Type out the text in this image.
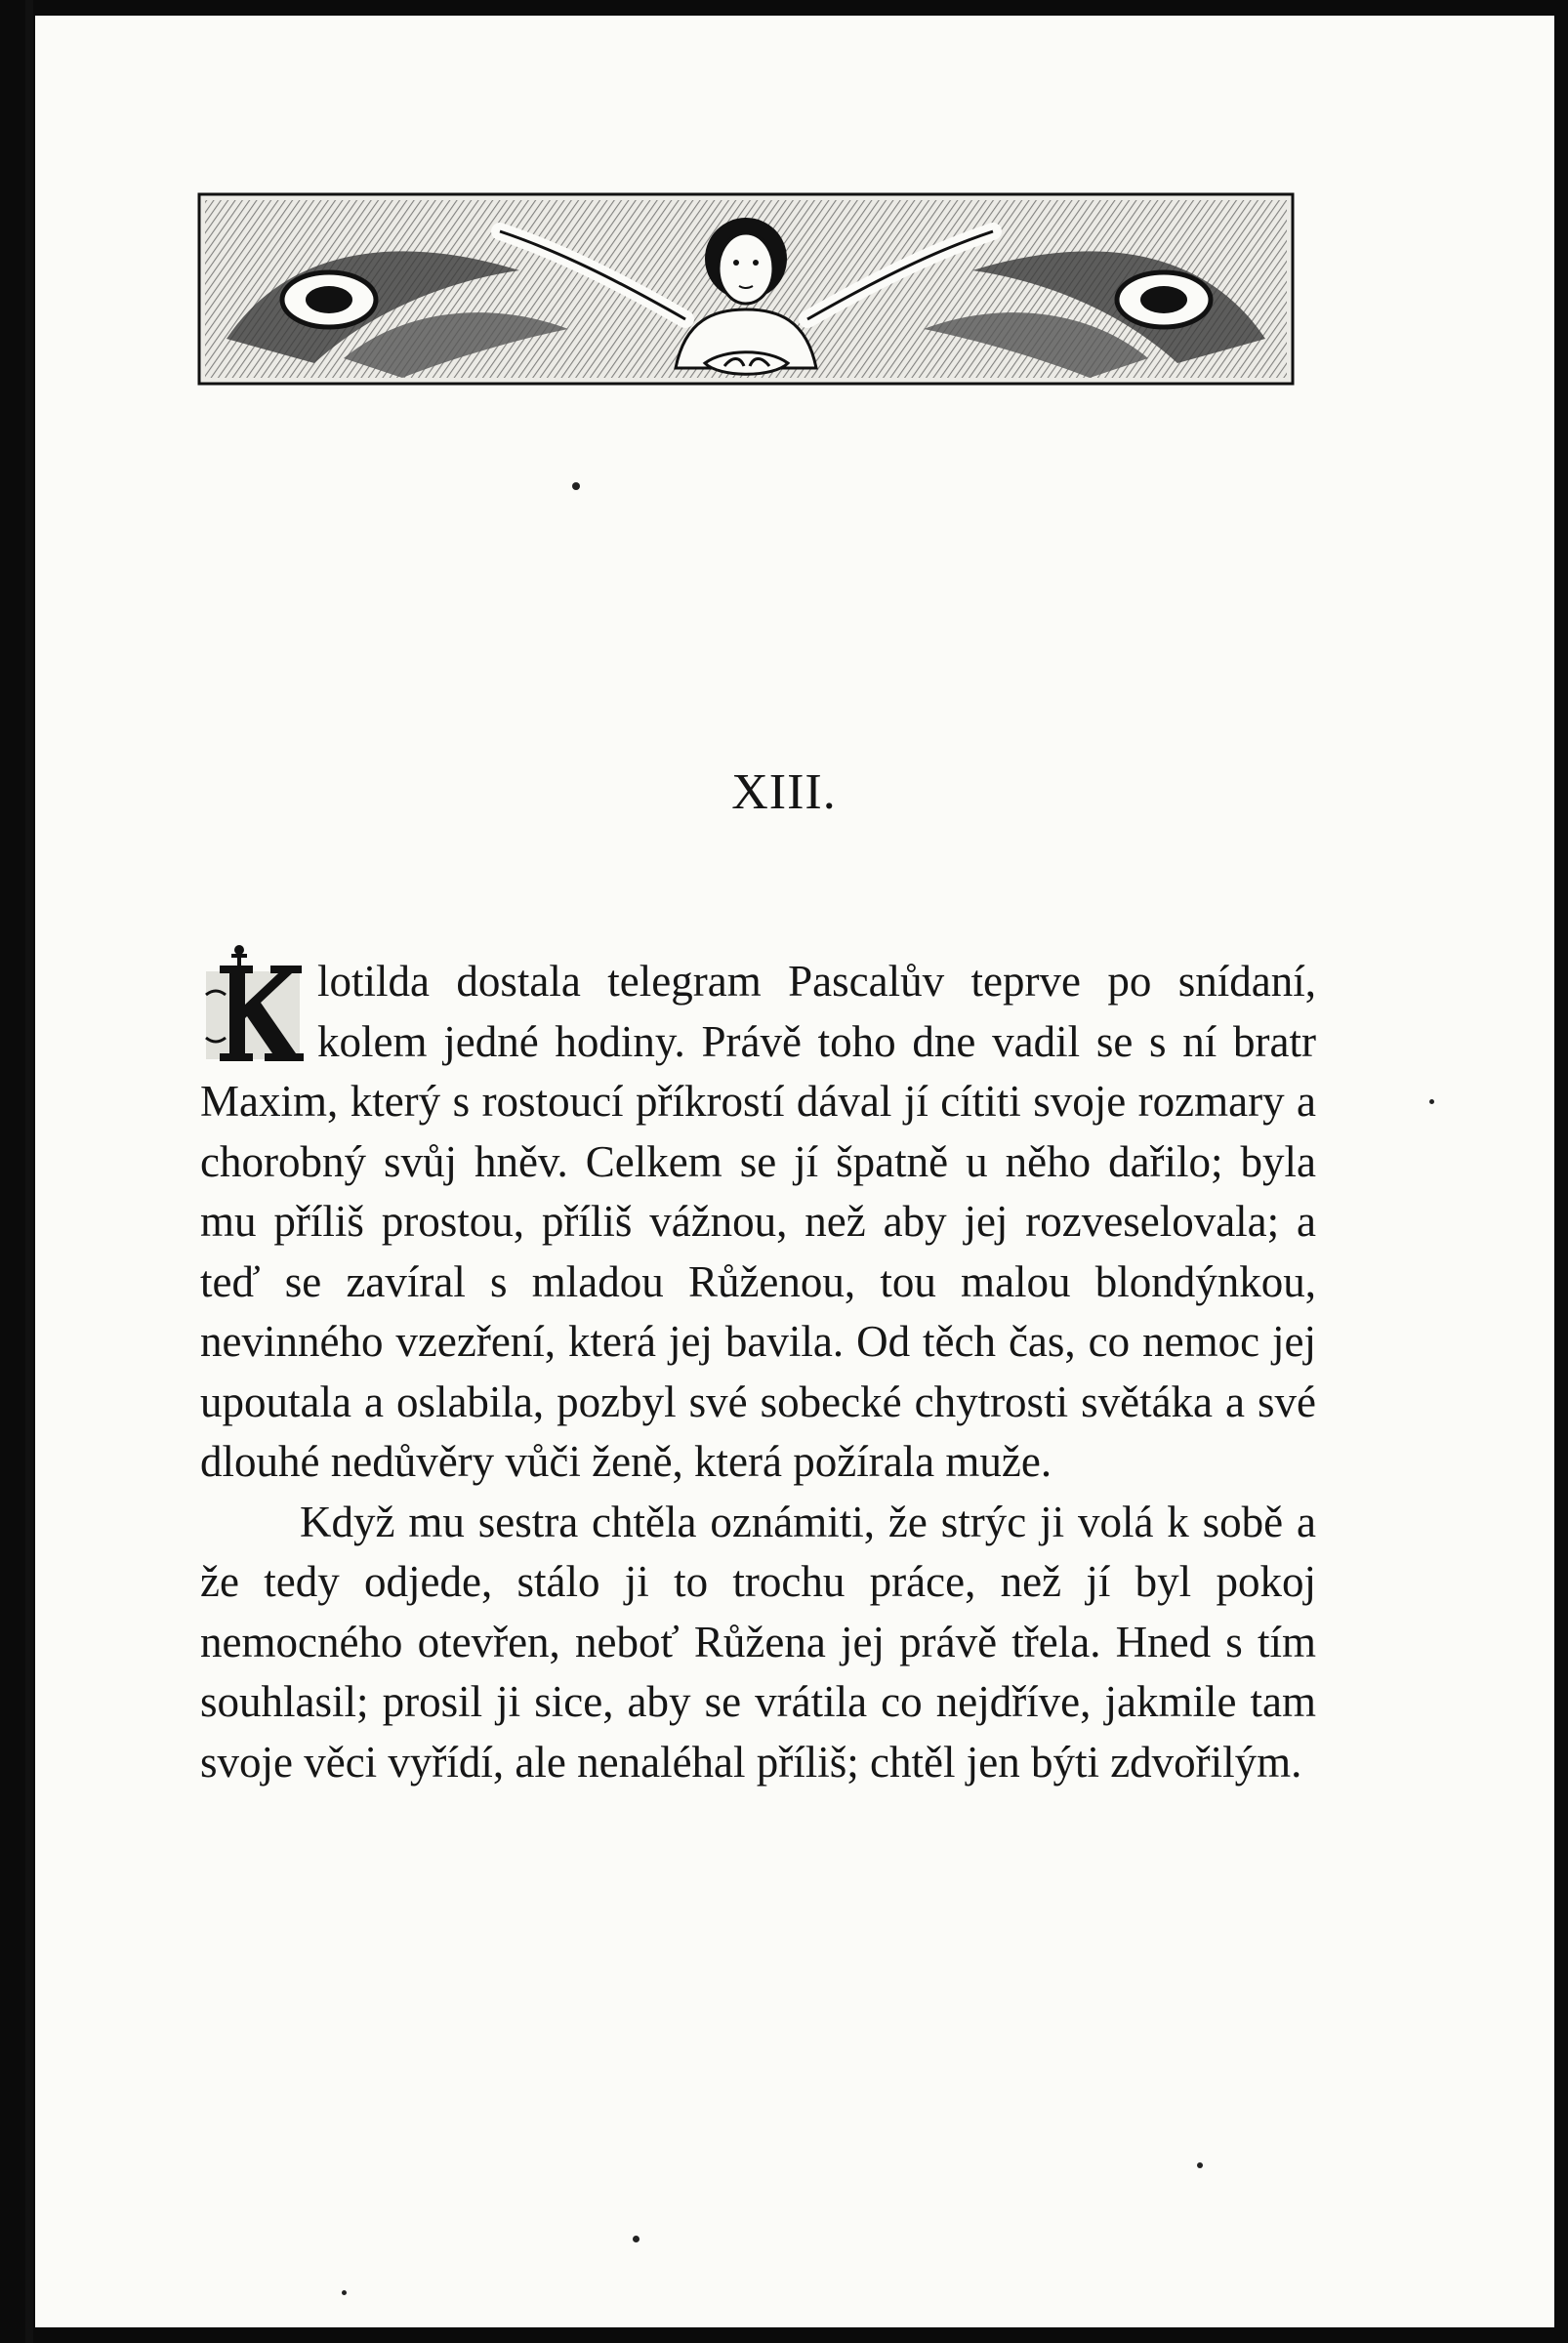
XIII.

lotilda dostala telegram Pascalův teprve po snídaní, kolem jedné hodiny. Právě toho dne vadil se s ní bratr Maxim, který s rostoucí příkrostí dával jí cítiti svoje rozmary a chorobný svůj hněv. Celkem se jí špatně u něho dařilo; byla mu příliš prostou, příliš vážnou, než aby jej rozveselovala; a teď se zavíral s mladou Růženou, tou malou blondýnkou, nevinného vzezření, která jej bavila. Od těch čas, co nemoc jej upoutala a oslabila, pozbyl své sobecké chytrosti světáka a své dlouhé nedůvěry vůči ženě, která požírala muže.

Když mu sestra chtěla oznámiti, že strýc ji volá k sobě a že tedy odjede, stálo ji to trochu práce, než jí byl pokoj nemocného otevřen, neboť Růžena jej právě třela. Hned s tím souhlasil; prosil ji sice, aby se vrátila co nejdříve, jakmile tam svoje věci vyřídí, ale nenaléhal příliš; chtěl jen býti zdvořilým.
